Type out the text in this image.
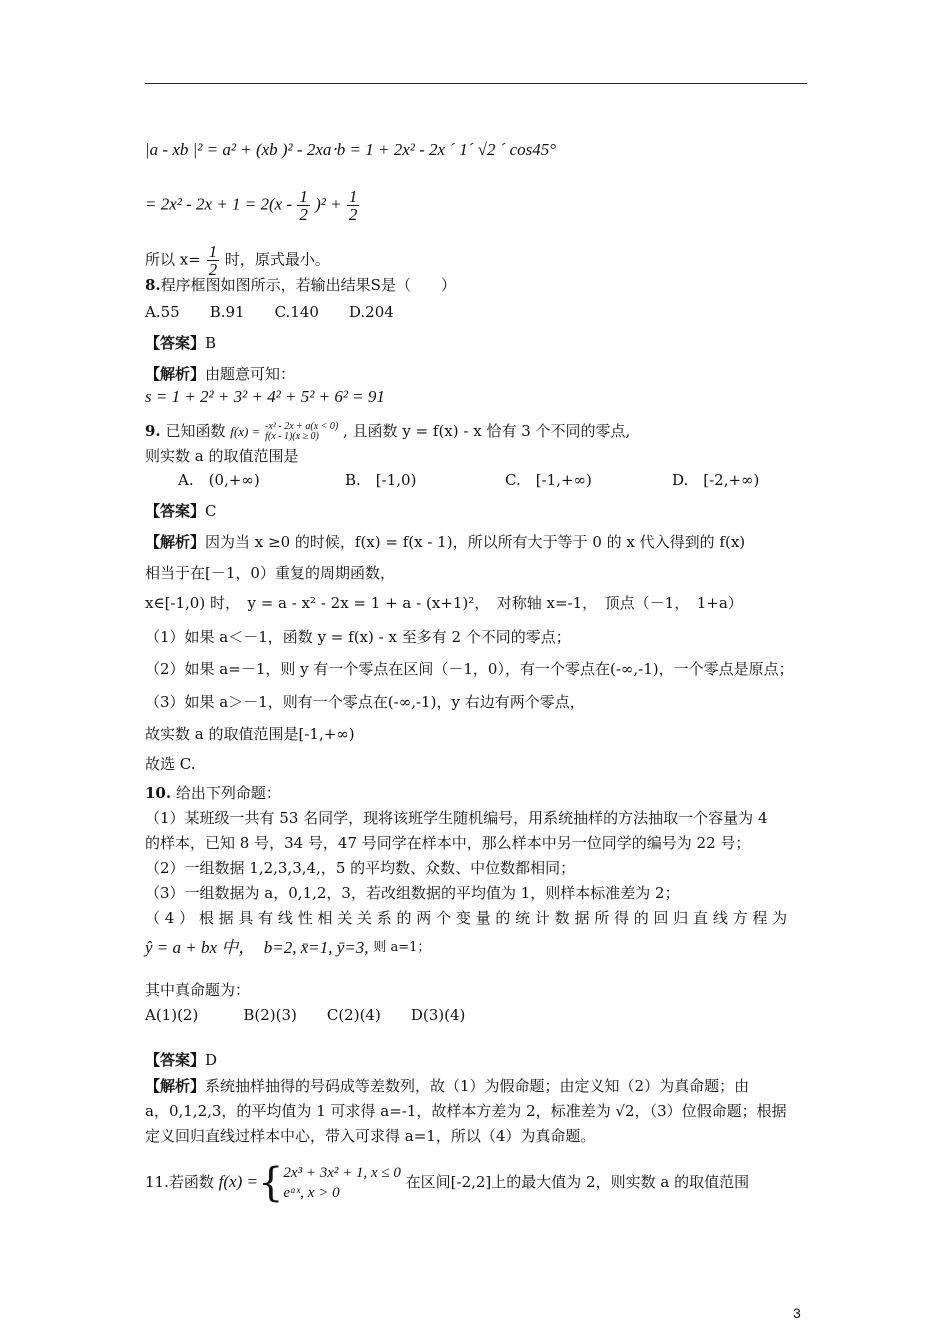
|a - xb |² = a² + (xb )² - 2xa⋅b = 1 + 2x² - 2x ´ 1´ √2 ´ cos45°
= $2x^2 - 2x + 1 = 2(x - \frac{1}{2} )^2 + \frac{1}{2}$
所以 $x= \frac{1}{2}$ 时，原式最小。
8.程序框图如图所示，若输出结果S是（　　）
A.55　　B.91　　C.140　　D.204
【答案】B
【解析】由题意可知：
s = 1 + 2² + 3² + 4² + 5² + 6² = 91
9. 已知函数 f(x) = -x² - 2x + a(x < 0)
f(x - 1)(x ≥ 0)	, 且函数 y = f(x) - x 恰有 3 个不同的零点,
则实数 a 的取值范围是
A.　(0,+∞)	B.　[-1,0)	C.　[-1,+∞)	D.　[-2,+∞)
【答案】C
【解析】因为当 x ≥0 的时候，f(x) = f(x - 1)，所以所有大于等于 0 的 x 代入得到的 f(x)
相当于在[－1，0）重复的周期函数，
x∈[-1,0) 时，　y = a - x² - 2x = 1 + a - (x+1)²，　对称轴 x=-1，　顶点（－1，　1+a）
（1）如果 a＜－1，函数 y = f(x) - x 至多有 2 个不同的零点；
（2）如果 a=－1，则 y 有一个零点在区间（－1，0），有一个零点在(-∞,-1)，一个零点是原点；
（3）如果 a＞－1，则有一个零点在(-∞,-1)，y 右边有两个零点，
故实数 a 的取值范围是[-1,+∞)
故选 C.
10. 给出下列命题：
（1）某班级一共有 53 名同学，现将该班学生随机编号，用系统抽样的方法抽取一个容量为 4
的样本，已知 8 号，34 号，47 号同学在样本中，那么样本中另一位同学的编号为 22 号；
（2）一组数据 1,2,3,3,4,，5 的平均数、众数、中位数都相同；
（3）一组数据为 a，0,1,2，3，若改组数据的平均值为 1，则样本标准差为 2；
（ 4 ） 根 据 具 有 线 性 相 关 关 系 的 两 个 变 量 的 统 计 数 据 所 得 的 回 归 直 线 方 程 为
ŷ = a + bx 中，　b=2, x̄=1, ȳ=3, 则 a=1；
其中真命题为：
A(1)(2)　　　B(2)(3)　　C(2)(4)　　D(3)(4)
【答案】D
【解析】系统抽样抽得的号码成等差数列，故（1）为假命题；由定义知（2）为真命题；由
a，0,1,2,3，的平均值为 1 可求得 a=-1，故样本方差为 2，标准差为 √2，（3）位假命题；根据
定义回归直线过样本中心，带入可求得 a=1，所以（4）为真命题。
11.若函数 f(x) ={ 2x³ + 3x² + 1, x ≤ 0
eᵃˣ, x > 0
在区间[-2,2]上的最大值为 2，则实数 a 的取值范围
3
